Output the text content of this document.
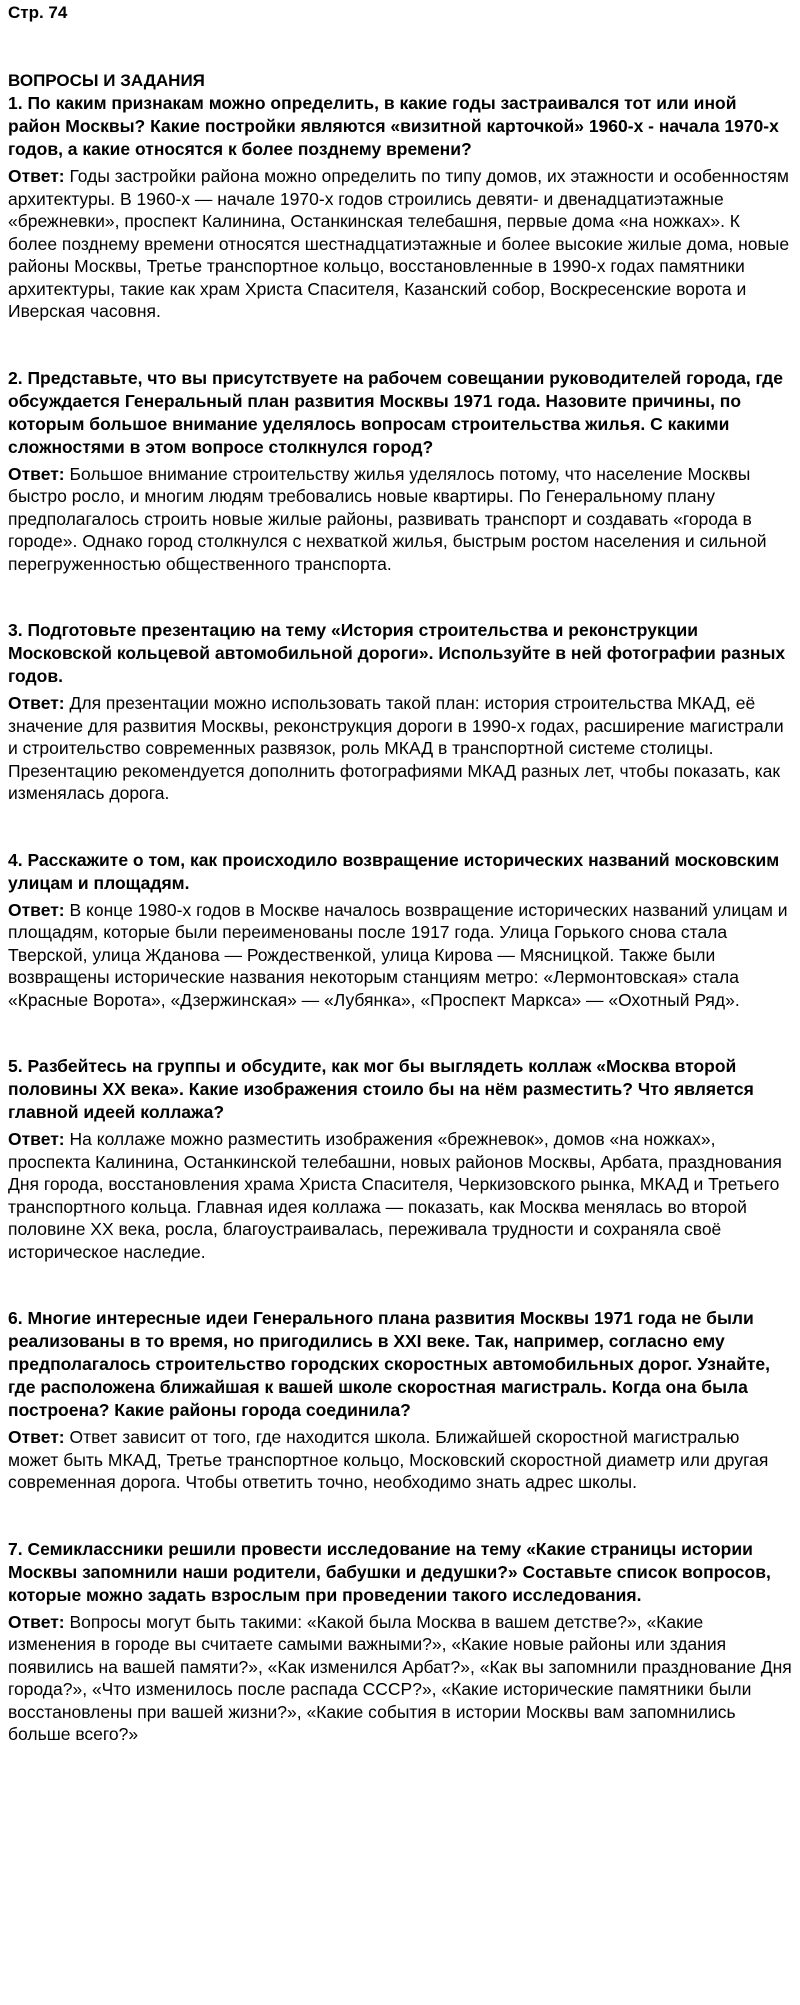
Стр. 74
ВОПРОСЫ И ЗАДАНИЯ
1. По каким признакам можно определить, в какие годы застраивался тот или иной район Москвы? Какие постройки являются «визитной карточкой» 1960-х - начала 1970-х годов, а какие относятся к более позднему времени?
Ответ: Годы застройки района можно определить по типу домов, их этажности и особенностям архитектуры. В 1960-х — начале 1970-х годов строились девяти- и двенадцатиэтажные «брежневки», проспект Калинина, Останкинская телебашня, первые дома «на ножках». К более позднему времени относятся шестнадцатиэтажные и более высокие жилые дома, новые районы Москвы, Третье транспортное кольцо, восстановленные в 1990-х годах памятники архитектуры, такие как храм Христа Спасителя, Казанский собор, Воскресенские ворота и Иверская часовня.
2. Представьте, что вы присутствуете на рабочем совещании руководителей города, где обсуждается Генеральный план развития Москвы 1971 года. Назовите причины, по которым большое внимание уделялось вопросам строительства жилья. С какими сложностями в этом вопросе столкнулся город?
Ответ: Большое внимание строительству жилья уделялось потому, что население Москвы быстро росло, и многим людям требовались новые квартиры. По Генеральному плану предполагалось строить новые жилые районы, развивать транспорт и создавать «города в городе». Однако город столкнулся с нехваткой жилья, быстрым ростом населения и сильной перегруженностью общественного транспорта.
3. Подготовьте презентацию на тему «История строительства и реконструкции Московской кольцевой автомобильной дороги». Используйте в ней фотографии разных годов.
Ответ: Для презентации можно использовать такой план: история строительства МКАД, её значение для развития Москвы, реконструкция дороги в 1990-х годах, расширение магистрали и строительство современных развязок, роль МКАД в транспортной системе столицы. Презентацию рекомендуется дополнить фотографиями МКАД разных лет, чтобы показать, как изменялась дорога.
4. Расскажите о том, как происходило возвращение исторических названий московским улицам и площадям.
Ответ: В конце 1980-х годов в Москве началось возвращение исторических названий улицам и площадям, которые были переименованы после 1917 года. Улица Горького снова стала Тверской, улица Жданова — Рождественкой, улица Кирова — Мясницкой. Также были возвращены исторические названия некоторым станциям метро: «Лермонтовская» стала «Красные Ворота», «Дзержинская» — «Лубянка», «Проспект Маркса» — «Охотный Ряд».
5. Разбейтесь на группы и обсудите, как мог бы выглядеть коллаж «Москва второй половины XX века». Какие изображения стоило бы на нём разместить? Что является главной идеей коллажа?
Ответ: На коллаже можно разместить изображения «брежневок», домов «на ножках», проспекта Калинина, Останкинской телебашни, новых районов Москвы, Арбата, празднования Дня города, восстановления храма Христа Спасителя, Черкизовского рынка, МКАД и Третьего транспортного кольца. Главная идея коллажа — показать, как Москва менялась во второй половине XX века, росла, благоустраивалась, переживала трудности и сохраняла своё историческое наследие.
6. Многие интересные идеи Генерального плана развития Москвы 1971 года не были реализованы в то время, но пригодились в XXI веке. Так, например, согласно ему предполагалось строительство городских скоростных автомобильных дорог. Узнайте, где расположена ближайшая к вашей школе скоростная магистраль. Когда она была построена? Какие районы города соединила?
Ответ: Ответ зависит от того, где находится школа. Ближайшей скоростной магистралью может быть МКАД, Третье транспортное кольцо, Московский скоростной диаметр или другая современная дорога. Чтобы ответить точно, необходимо знать адрес школы.
7. Семиклассники решили провести исследование на тему «Какие страницы истории Москвы запомнили наши родители, бабушки и дедушки?» Составьте список вопросов, которые можно задать взрослым при проведении такого исследования.
Ответ: Вопросы могут быть такими: «Какой была Москва в вашем детстве?», «Какие изменения в городе вы считаете самыми важными?», «Какие новые районы или здания появились на вашей памяти?», «Как изменился Арбат?», «Как вы запомнили празднование Дня города?», «Что изменилось после распада СССР?», «Какие исторические памятники были восстановлены при вашей жизни?», «Какие события в истории Москвы вам запомнились больше всего?»
